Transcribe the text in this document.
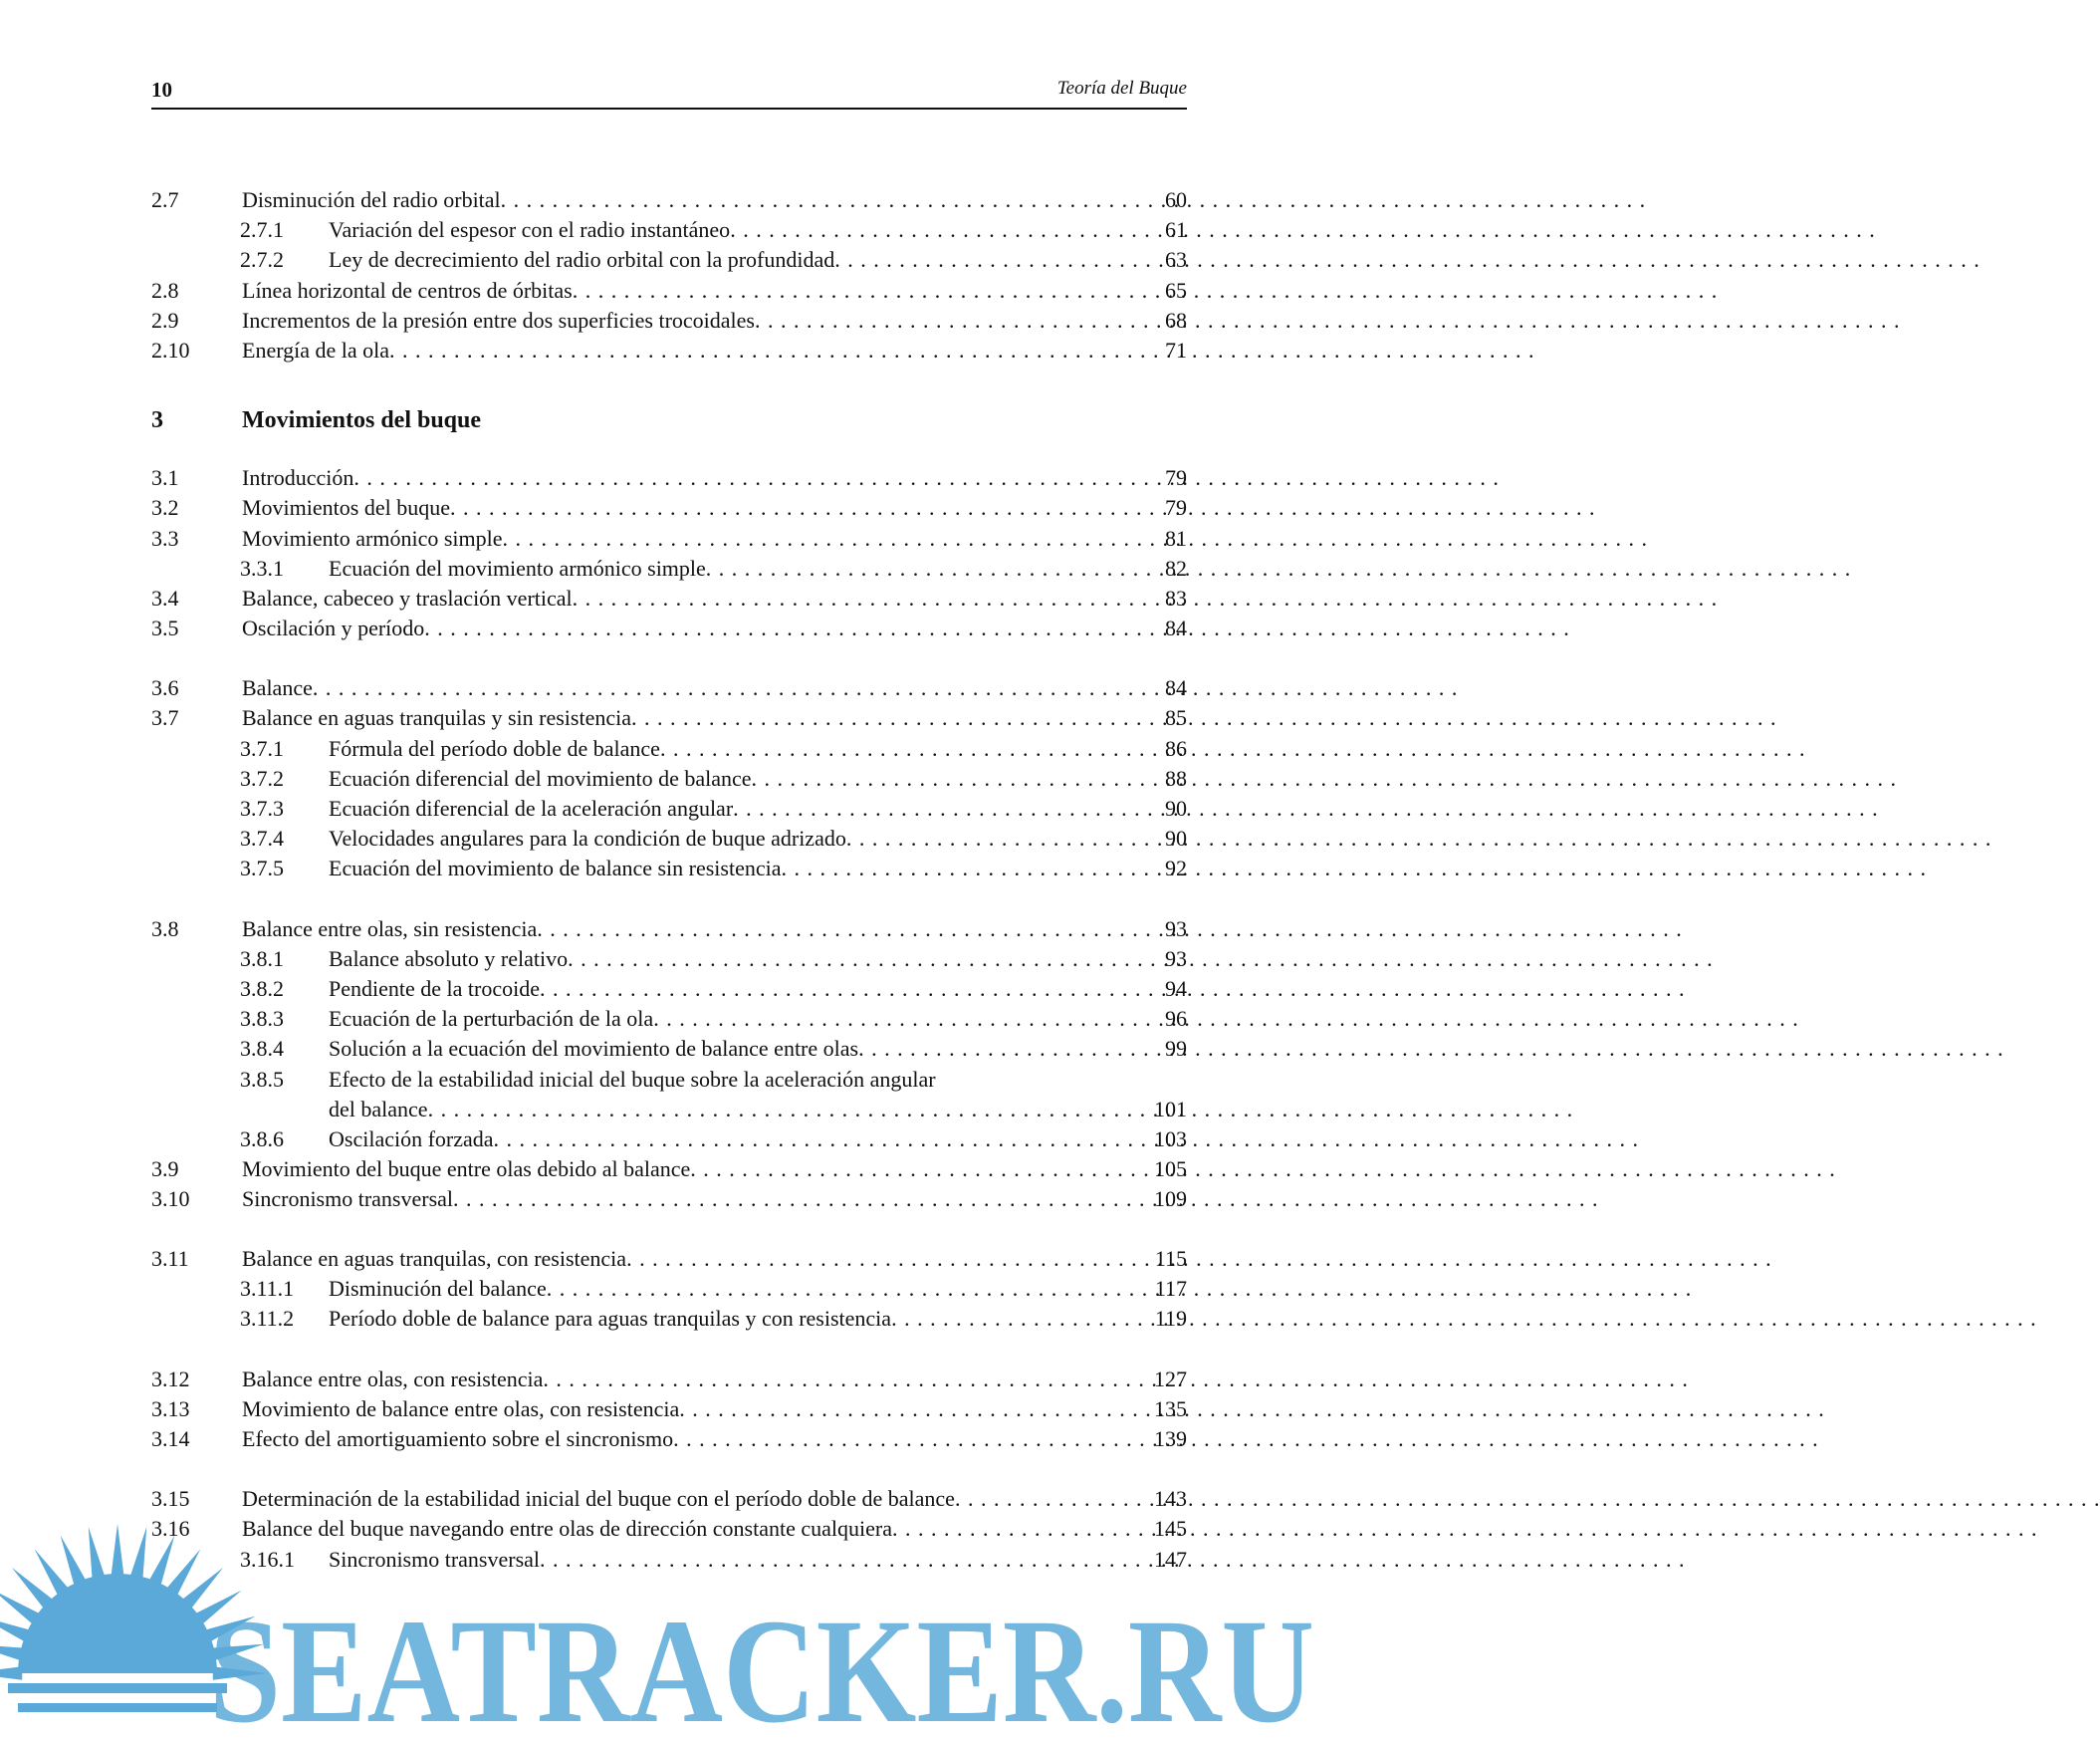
10	Teoría del Buque
2.7	Disminución del radio orbital . . .	60
2.7.1 Variación del espesor con el radio instantáneo . . .	61
2.7.2 Ley de decrecimiento del radio orbital con la profundidad . . .	63
2.8	Línea horizontal de centros de órbitas . . .	65
2.9	Incrementos de la presión entre dos superficies trocoidales . . .	68
2.10 Energía de la ola . . .	71
3	Movimientos del buque
3.1	Introducción . . .	79
3.2	Movimientos del buque . . .	79
3.3	Movimiento armónico simple . . .	81
3.3.1 Ecuación del movimiento armónico simple . . .	82
3.4	Balance, cabeceo y traslación vertical . . .	83
3.5	Oscilación y período . . .	84
3.6	Balance . . .	84
3.7	Balance en aguas tranquilas y sin resistencia . . .	85
3.7.1 Fórmula del período doble de balance . . .	86
3.7.2 Ecuación diferencial del movimiento de balance . . .	88
3.7.3 Ecuación diferencial de la aceleración angular . . .	90
3.7.4 Velocidades angulares para la condición de buque adrizado . . .	90
3.7.5 Ecuación del movimiento de balance sin resistencia . . .	92
3.8	Balance entre olas, sin resistencia . . .	93
3.8.1 Balance absoluto y relativo . . .	93
3.8.2 Pendiente de la trocoide . . .	94
3.8.3 Ecuación de la perturbación de la ola . . .	96
3.8.4 Solución a la ecuación del movimiento de balance entre olas . . .	99
3.8.5 Efecto de la estabilidad inicial del buque sobre la aceleración angular
del balance . . .	101
3.8.6 Oscilación forzada . . .	103
3.9	Movimiento del buque entre olas debido al balance . . .	105
3.10 Sincronismo transversal . . .	109
3.11 Balance en aguas tranquilas, con resistencia . . .	115
3.11.1 Disminución del balance . . .	117
3.11.2 Período doble de balance para aguas tranquilas y con resistencia . . .	119
3.12 Balance entre olas, con resistencia . . .	127
3.13 Movimiento de balance entre olas, con resistencia . . .	135
3.14 Efecto del amortiguamiento sobre el sincronismo . . .	139
3.15 Determinación de la estabilidad inicial del buque con el período doble de balance . . .	143
3.16 Balance del buque navegando entre olas de dirección constante cualquiera . . .	145
3.16.1 Sincronismo transversal . . .	147
SEATRACKER.RU
